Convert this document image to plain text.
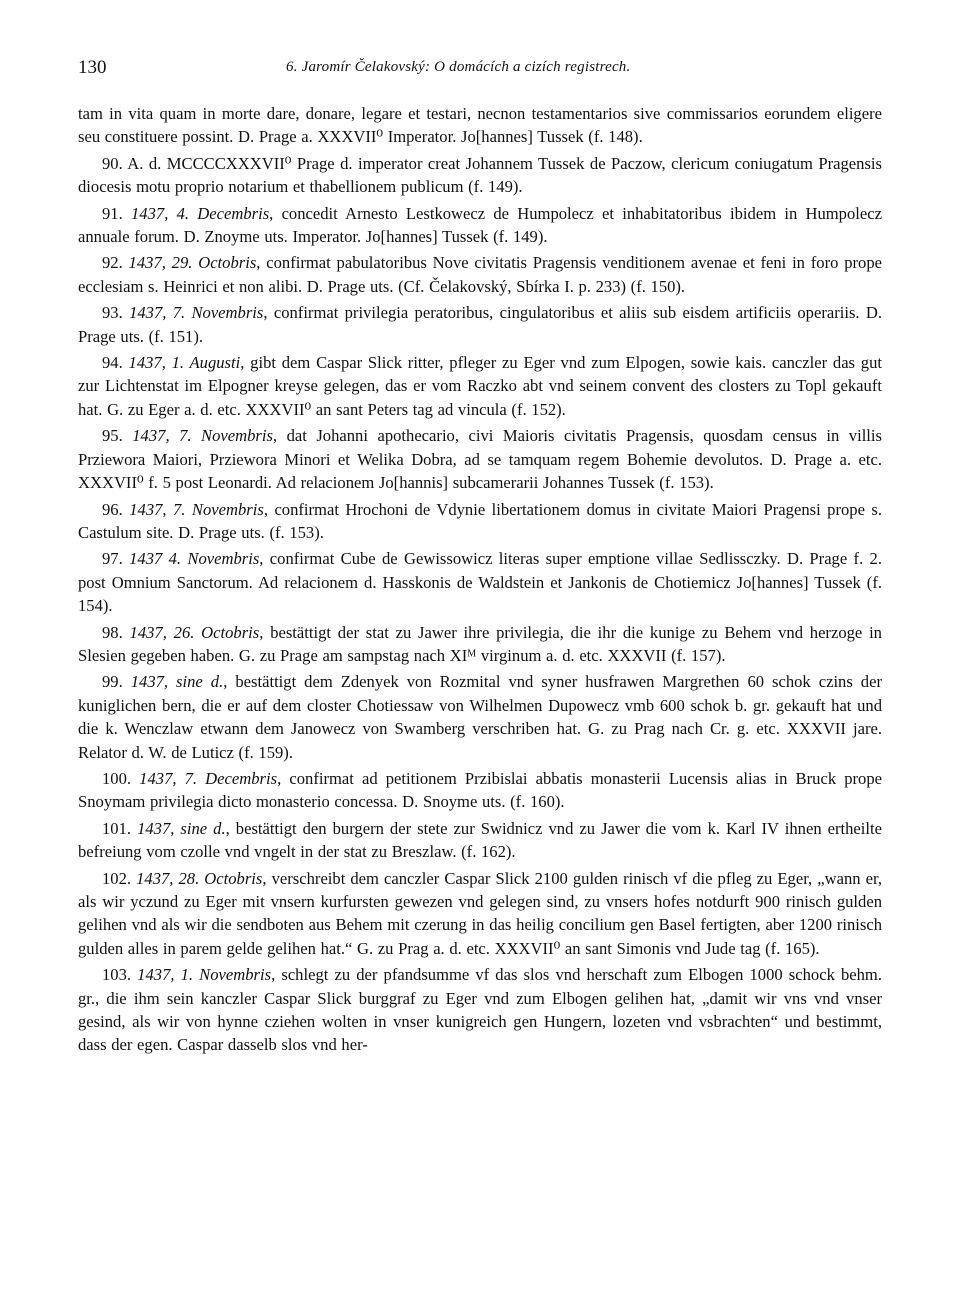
130	6. Jaromír Čelakovský: O domácích a cizích registrech.

tam in vita quam in morte dare, donare, legare et testari, necnon testamentarios sive commissarios eorundem eligere seu constituere possint. D. Prage a. XXXVII⁰ Imperator. Jo[hannes] Tussek (f. 148).

90. A. d. MCCCCXXXVII⁰ Prage d. imperator creat Johannem Tussek de Paczow, clericum coniugatum Pragensis diocesis motu proprio notarium et thabellionem publicum (f. 149).

91. 1437, 4. Decembris, concedit Arnesto Lestkowecz de Humpolecz et inhabitatoribus ibidem in Humpolecz annuale forum. D. Znoyme uts. Imperator. Jo[hannes] Tussek (f. 149).

92. 1437, 29. Octobris, confirmat pabulatoribus Nove civitatis Pragensis venditionem avenae et feni in foro prope ecclesiam s. Heinrici et non alibi. D. Prage uts. (Cf. Čelakovský, Sbírka I. p. 233) (f. 150).

93. 1437, 7. Novembris, confirmat privilegia peratoribus, cingulatoribus et aliis sub eisdem artificiis operariis. D. Prage uts. (f. 151).

94. 1437, 1. Augusti, gibt dem Caspar Slick ritter, pfleger zu Eger vnd zum Elpogen, sowie kais. canczler das gut zur Lichtenstat im Elpogner kreyse gelegen, das er vom Raczko abt vnd seinem convent des closters zu Topl gekauft hat. G. zu Eger a. d. etc. XXXVII⁰ an sant Peters tag ad vincula (f. 152).

95. 1437, 7. Novembris, dat Johanni apothecario, civi Maioris civitatis Pragensis, quosdam census in villis Prziewora Maiori, Prziewora Minori et Welika Dobra, ad se tamquam regem Bohemie devolutos. D. Prage a. etc. XXXVII⁰ f. 5 post Leonardi. Ad relacionem Jo[hannis] subcamerarii Johannes Tussek (f. 153).

96. 1437, 7. Novembris, confirmat Hrochoni de Vdynie libertationem domus in civitate Maiori Pragensi prope s. Castulum site. D. Prage uts. (f. 153).

97. 1437 4. Novembris, confirmat Cube de Gewissowicz literas super emptione villae Sedlissczky. D. Prage f. 2. post Omnium Sanctorum. Ad relacionem d. Hasskonis de Waldstein et Jankonis de Chotiemicz Jo[hannes] Tussek (f. 154).

98. 1437, 26. Octobris, bestättigt der stat zu Jawer ihre privilegia, die ihr die kunige zu Behem vnd herzoge in Slesien gegeben haben. G. zu Prage am sampstag nach XIᴹ virginum a. d. etc. XXXVII (f. 157).

99. 1437, sine d., bestättigt dem Zdenyek von Rozmital vnd syner husfrawen Margrethen 60 schok czins der kuniglichen bern, die er auf dem closter Chotiessaw von Wilhelmen Dupowecz vmb 600 schok b. gr. gekauft hat und die k. Wenczlaw etwann dem Janowecz von Swamberg verschriben hat. G. zu Prag nach Cr. g. etc. XXXVII jare. Relator d. W. de Luticz (f. 159).

100. 1437, 7. Decembris, confirmat ad petitionem Przibislai abbatis monasterii Lucensis alias in Bruck prope Snoymam privilegia dicto monasterio concessa. D. Snoyme uts. (f. 160).

101. 1437, sine d., bestättigt den burgern der stete zur Swidnicz vnd zu Jawer die vom k. Karl IV ihnen ertheilte befreiung vom czolle vnd vngelt in der stat zu Breszlaw. (f. 162).

102. 1437, 28. Octobris, verschreibt dem canczler Caspar Slick 2100 gulden rinisch vf die pfleg zu Eger, „wann er, als wir yczund zu Eger mit vnsern kurfursten gewezen vnd gelegen sind, zu vnsers hofes notdurft 900 rinisch gulden gelihen vnd als wir die sendboten aus Behem mit czerung in das heilig concilium gen Basel fertigten, aber 1200 rinisch gulden alles in parem gelde gelihen hat.“ G. zu Prag a. d. etc. XXXVII⁰ an sant Simonis vnd Jude tag (f. 165).

103. 1437, 1. Novembris, schlegt zu der pfandsumme vf das slos vnd herschaft zum Elbogen 1000 schock behm. gr., die ihm sein kanczler Caspar Slick burggraf zu Eger vnd zum Elbogen gelihen hat, „damit wir vns vnd vnser gesind, als wir von hynne cziehen wolten in vnser kunigreich gen Hungern, lozeten vnd vsbrachten“ und bestimmt, dass der egen. Caspar dasselb slos vnd her-
